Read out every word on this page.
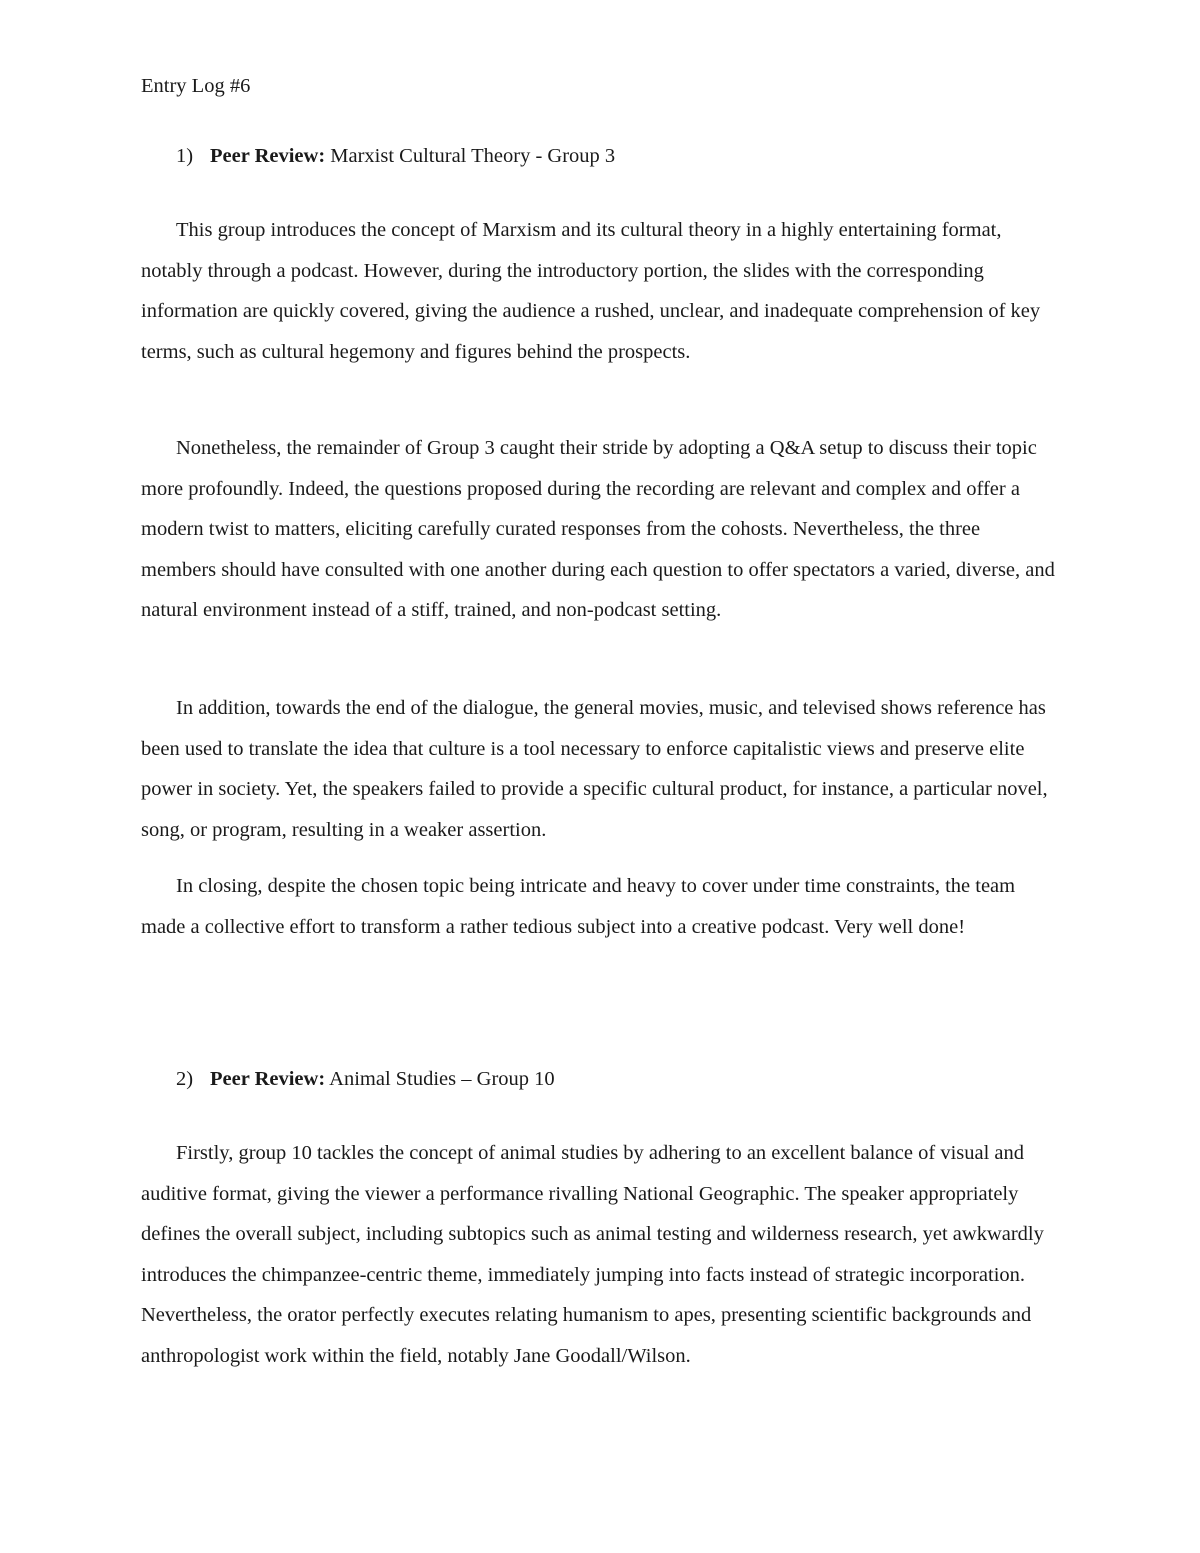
Entry Log #6
1) Peer Review: Marxist Cultural Theory - Group 3

This group introduces the concept of Marxism and its cultural theory in a highly entertaining format, notably through a podcast. However, during the introductory portion, the slides with the corresponding information are quickly covered, giving the audience a rushed, unclear, and inadequate comprehension of key terms, such as cultural hegemony and figures behind the prospects.

Nonetheless, the remainder of Group 3 caught their stride by adopting a Q&A setup to discuss their topic more profoundly. Indeed, the questions proposed during the recording are relevant and complex and offer a modern twist to matters, eliciting carefully curated responses from the cohosts. Nevertheless, the three members should have consulted with one another during each question to offer spectators a varied, diverse, and natural environment instead of a stiff, trained, and non-podcast setting.

In addition, towards the end of the dialogue, the general movies, music, and televised shows reference has been used to translate the idea that culture is a tool necessary to enforce capitalistic views and preserve elite power in society. Yet, the speakers failed to provide a specific cultural product, for instance, a particular novel, song, or program, resulting in a weaker assertion.

In closing, despite the chosen topic being intricate and heavy to cover under time constraints, the team made a collective effort to transform a rather tedious subject into a creative podcast. Very well done!

2) Peer Review: Animal Studies – Group 10

Firstly, group 10 tackles the concept of animal studies by adhering to an excellent balance of visual and auditive format, giving the viewer a performance rivalling National Geographic. The speaker appropriately defines the overall subject, including subtopics such as animal testing and wilderness research, yet awkwardly introduces the chimpanzee-centric theme, immediately jumping into facts instead of strategic incorporation. Nevertheless, the orator perfectly executes relating humanism to apes, presenting scientific backgrounds and anthropologist work within the field, notably Jane Goodall/Wilson.
